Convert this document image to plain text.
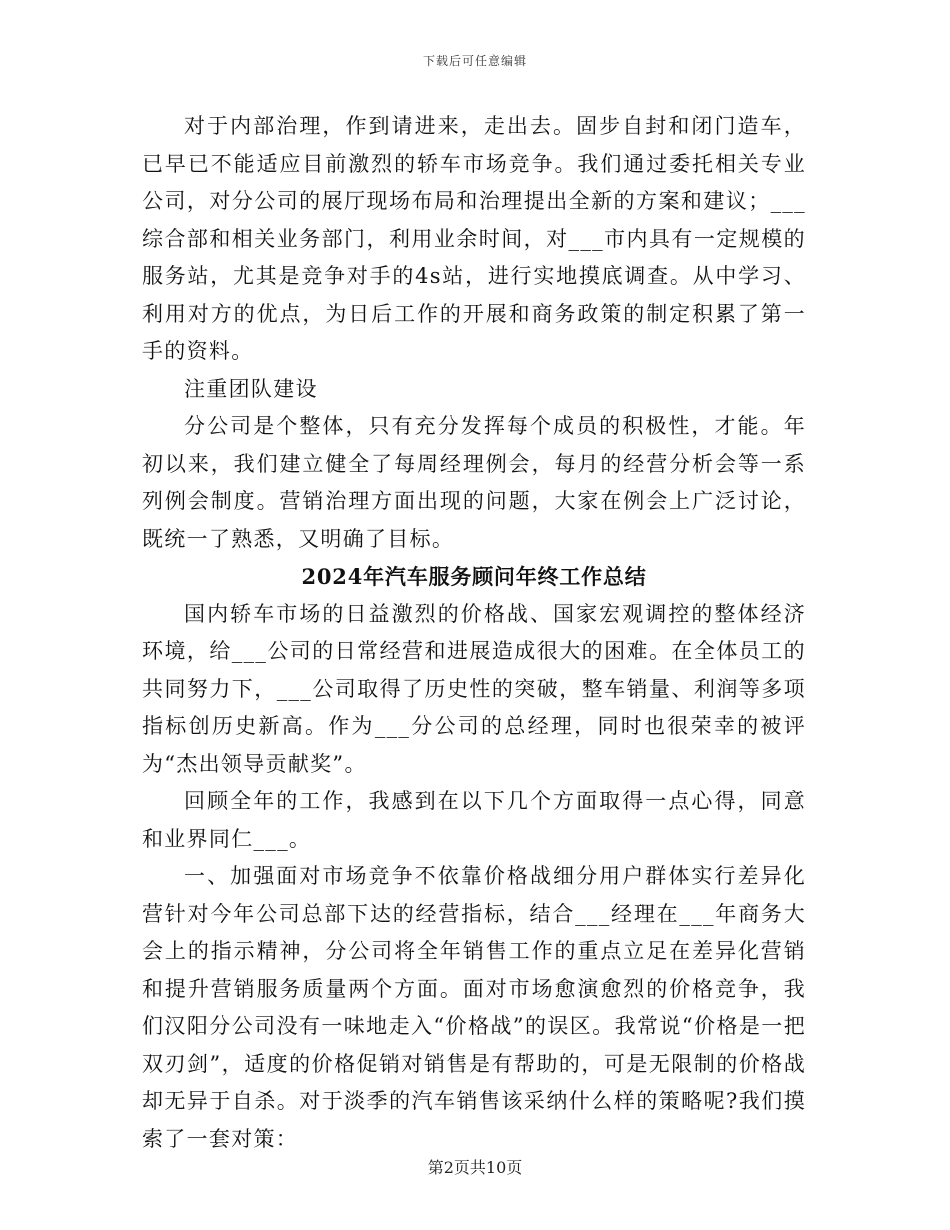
下载后可任意编辑

对于内部治理，作到请进来，走出去。固步自封和闭门造车，已早已不能适应目前激烈的轿车市场竞争。我们通过委托相关专业公司，对分公司的展厅现场布局和治理提出全新的方案和建议；___综合部和相关业务部门，利用业余时间，对___市内具有一定规模的服务站，尤其是竞争对手的4s站，进行实地摸底调查。从中学习、利用对方的优点，为日后工作的开展和商务政策的制定积累了第一手的资料。

注重团队建设

分公司是个整体，只有充分发挥每个成员的积极性，才能。年初以来，我们建立健全了每周经理例会，每月的经营分析会等一系列例会制度。营销治理方面出现的问题，大家在例会上广泛讨论，既统一了熟悉，又明确了目标。

2024年汽车服务顾问年终工作总结

国内轿车市场的日益激烈的价格战、国家宏观调控的整体经济环境，给___公司的日常经营和进展造成很大的困难。在全体员工的共同努力下，___公司取得了历史性的突破，整车销量、利润等多项指标创历史新高。作为___分公司的总经理，同时也很荣幸的被评为“杰出领导贡献奖”。

回顾全年的工作，我感到在以下几个方面取得一点心得，同意和业界同仁___。

一、加强面对市场竞争不依靠价格战细分用户群体实行差异化营针对今年公司总部下达的经营指标，结合___经理在___年商务大会上的指示精神，分公司将全年销售工作的重点立足在差异化营销和提升营销服务质量两个方面。面对市场愈演愈烈的价格竞争，我们汉阳分公司没有一味地走入“价格战”的误区。我常说“价格是一把双刃剑”，适度的价格促销对销售是有帮助的，可是无限制的价格战却无异于自杀。对于淡季的汽车销售该采纳什么样的策略呢?我们摸索了一套对策：

第2页共10页
